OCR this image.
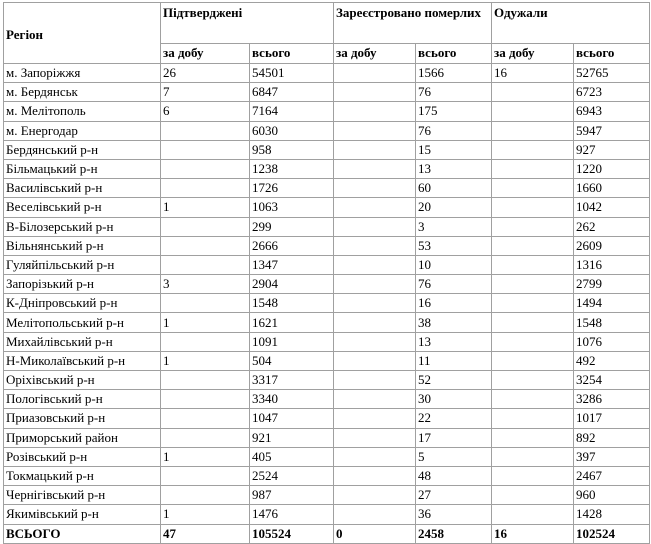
Регіон	Підтверджені		Зареєстровано померлих		Одужали	
	за добу	всього	за добу	всього	за добу	всього
м. Запоріжжя	26	54501		1566	16	52765
м. Бердянськ	7	6847		76		6723
м. Мелітополь	6	7164		175		6943
м. Енергодар		6030		76		5947
Бердянський р-н		958		15		927
Більмацький р-н		1238		13		1220
Василівський р-н		1726		60		1660
Веселівський р-н	1	1063		20		1042
В-Білозерський р-н		299		3		262
Вільнянський р-н		2666		53		2609
Гуляйпільський р-н		1347		10		1316
Запорізький р-н	3	2904		76		2799
К-Дніпровський р-н		1548		16		1494
Мелітопольський р-н	1	1621		38		1548
Михайлівський р-н		1091		13		1076
Н-Миколаївський р-н	1	504		11		492
Оріхівський р-н		3317		52		3254
Пологівський р-н		3340		30		3286
Приазовський р-н		1047		22		1017
Приморський район		921		17		892
Розівський р-н	1	405		5		397
Токмацький р-н		2524		48		2467
Чернігівський р-н		987		27		960
Якимівський р-н	1	1476		36		1428
ВСЬОГО	47	105524	0	2458	16	102524
